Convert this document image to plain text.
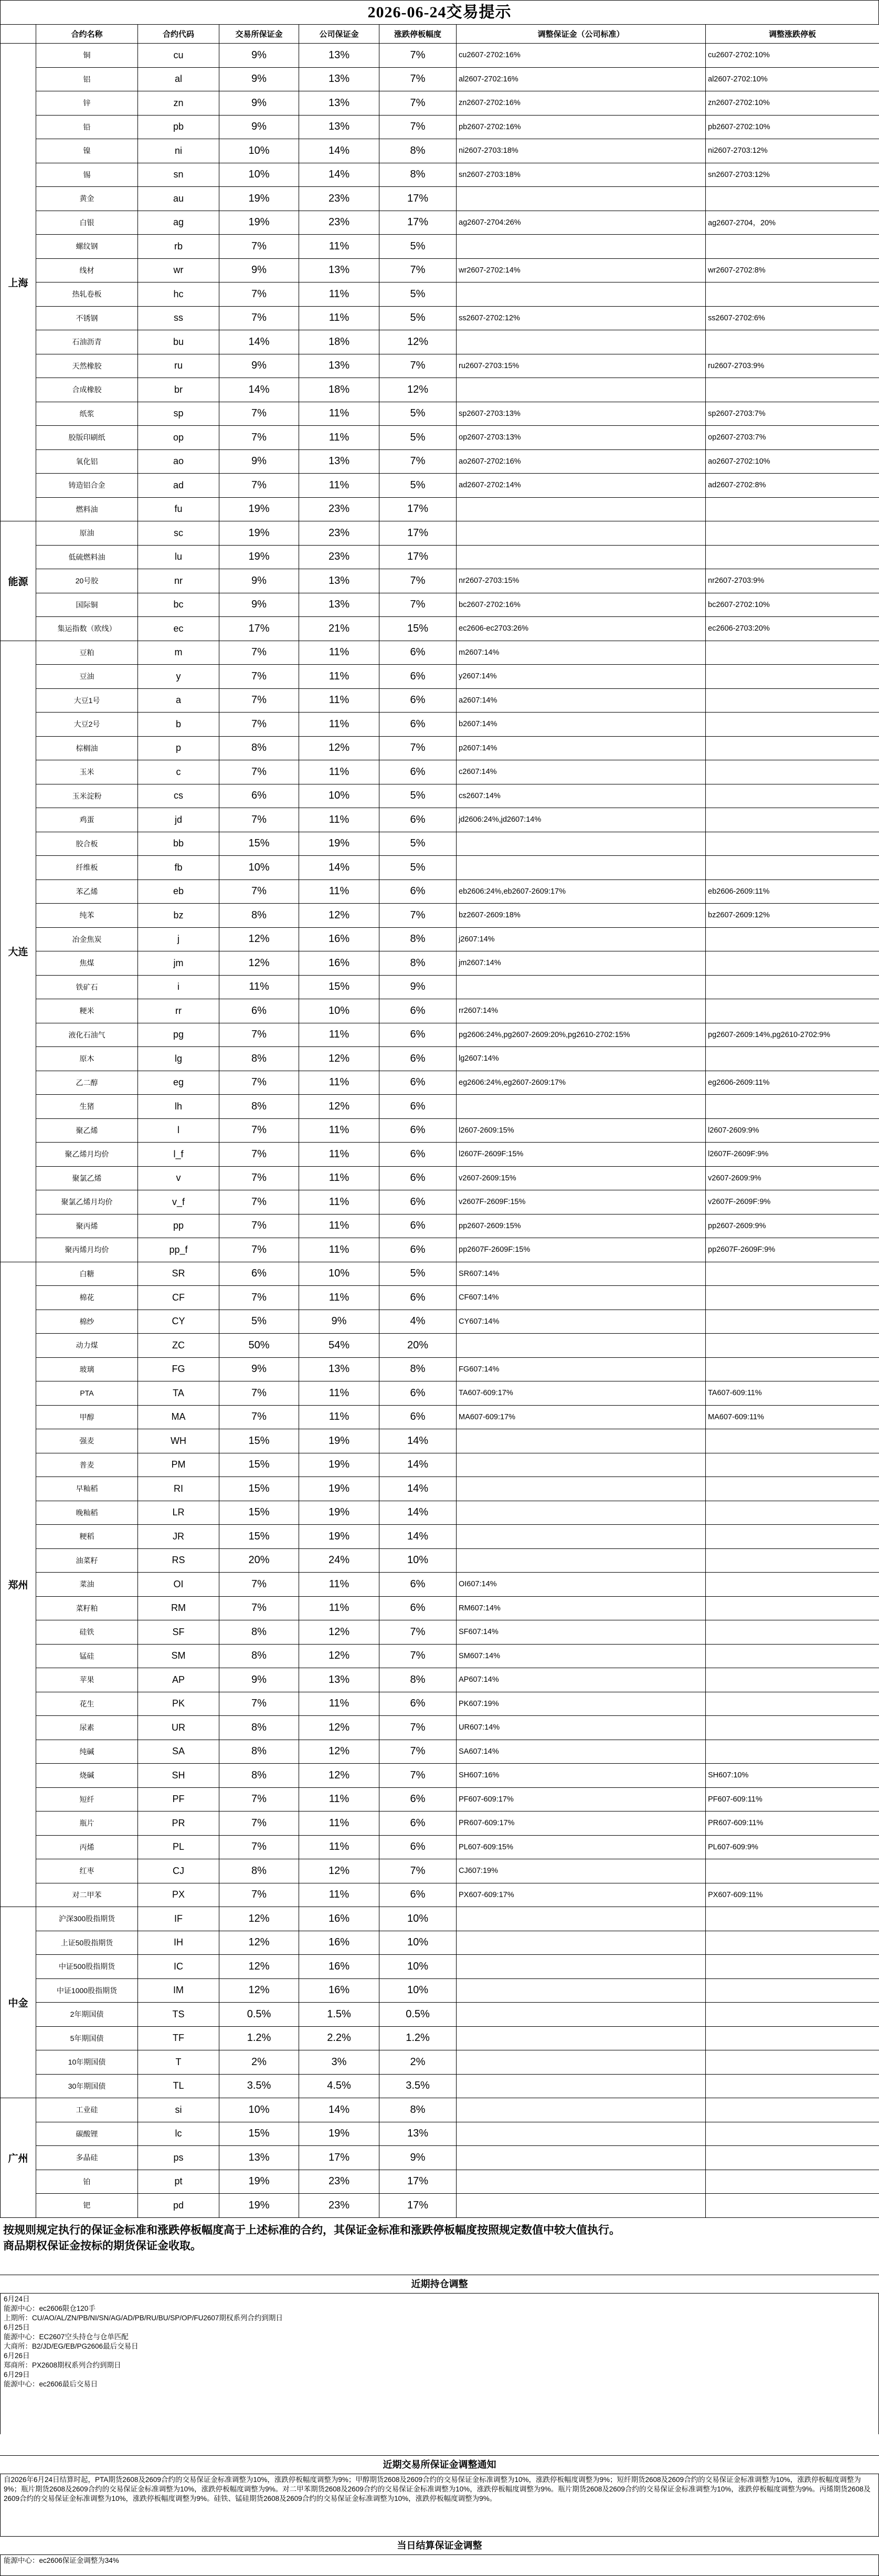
2026-06-24交易提示
	合约名称	合约代码	交易所保证金	公司保证金	涨跌停板幅度	调整保证金（公司标准）	调整涨跌停板
上海	铜	cu	9%	13%	7%	cu2607-2702:16%	cu2607-2702:10%
	铝	al	9%	13%	7%	al2607-2702:16%	al2607-2702:10%
	锌	zn	9%	13%	7%	zn2607-2702:16%	zn2607-2702:10%
	铅	pb	9%	13%	7%	pb2607-2702:16%	pb2607-2702:10%
	镍	ni	10%	14%	8%	ni2607-2703:18%	ni2607-2703:12%
	锡	sn	10%	14%	8%	sn2607-2703:18%	sn2607-2703:12%
	黄金	au	19%	23%	17%		
	白银	ag	19%	23%	17%	ag2607-2704:26%	ag2607-2704，20%
	螺纹钢	rb	7%	11%	5%		
	线材	wr	9%	13%	7%	wr2607-2702:14%	wr2607-2702:8%
	热轧卷板	hc	7%	11%	5%		
	不锈钢	ss	7%	11%	5%	ss2607-2702:12%	ss2607-2702:6%
	石油沥青	bu	14%	18%	12%		
	天然橡胶	ru	9%	13%	7%	ru2607-2703:15%	ru2607-2703:9%
	合成橡胶	br	14%	18%	12%		
	纸浆	sp	7%	11%	5%	sp2607-2703:13%	sp2607-2703:7%
	胶版印刷纸	op	7%	11%	5%	op2607-2703:13%	op2607-2703:7%
	氧化铝	ao	9%	13%	7%	ao2607-2702:16%	ao2607-2702:10%
	铸造铝合金	ad	7%	11%	5%	ad2607-2702:14%	ad2607-2702:8%
	燃料油	fu	19%	23%	17%		
能源	原油	sc	19%	23%	17%		
	低硫燃料油	lu	19%	23%	17%		
	20号胶	nr	9%	13%	7%	nr2607-2703:15%	nr2607-2703:9%
	国际铜	bc	9%	13%	7%	bc2607-2702:16%	bc2607-2702:10%
	集运指数（欧线）	ec	17%	21%	15%	ec2606-ec2703:26%	ec2606-2703:20%
大连	豆粕	m	7%	11%	6%	m2607:14%	
	豆油	y	7%	11%	6%	y2607:14%	
	大豆1号	a	7%	11%	6%	a2607:14%	
	大豆2号	b	7%	11%	6%	b2607:14%	
	棕榈油	p	8%	12%	7%	p2607:14%	
	玉米	c	7%	11%	6%	c2607:14%	
	玉米淀粉	cs	6%	10%	5%	cs2607:14%	
	鸡蛋	jd	7%	11%	6%	jd2606:24%,jd2607:14%	
	胶合板	bb	15%	19%	5%		
	纤维板	fb	10%	14%	5%		
	苯乙烯	eb	7%	11%	6%	eb2606:24%,eb2607-2609:17%	eb2606-2609:11%
	纯苯	bz	8%	12%	7%	bz2607-2609:18%	bz2607-2609:12%
	冶金焦炭	j	12%	16%	8%	j2607:14%	
	焦煤	jm	12%	16%	8%	jm2607:14%	
	铁矿石	i	11%	15%	9%		
	粳米	rr	6%	10%	6%	rr2607:14%	
	液化石油气	pg	7%	11%	6%	pg2606:24%,pg2607-2609:20%,pg2610-2702:15%	pg2607-2609:14%,pg2610-2702:9%
	原木	lg	8%	12%	6%	lg2607:14%	
	乙二醇	eg	7%	11%	6%	eg2606:24%,eg2607-2609:17%	eg2606-2609:11%
	生猪	lh	8%	12%	6%		
	聚乙烯	l	7%	11%	6%	l2607-2609:15%	l2607-2609:9%
	聚乙烯月均价	l_f	7%	11%	6%	l2607F-2609F:15%	l2607F-2609F:9%
	聚氯乙烯	v	7%	11%	6%	v2607-2609:15%	v2607-2609:9%
	聚氯乙烯月均价	v_f	7%	11%	6%	v2607F-2609F:15%	v2607F-2609F:9%
	聚丙烯	pp	7%	11%	6%	pp2607-2609:15%	pp2607-2609:9%
	聚丙烯月均价	pp_f	7%	11%	6%	pp2607F-2609F:15%	pp2607F-2609F:9%
郑州	白糖	SR	6%	10%	5%	SR607:14%	
	棉花	CF	7%	11%	6%	CF607:14%	
	棉纱	CY	5%	9%	4%	CY607:14%	
	动力煤	ZC	50%	54%	20%		
	玻璃	FG	9%	13%	8%	FG607:14%	
	PTA	TA	7%	11%	6%	TA607-609:17%	TA607-609:11%
	甲醇	MA	7%	11%	6%	MA607-609:17%	MA607-609:11%
	强麦	WH	15%	19%	14%		
	普麦	PM	15%	19%	14%		
	早籼稻	RI	15%	19%	14%		
	晚籼稻	LR	15%	19%	14%		
	粳稻	JR	15%	19%	14%		
	油菜籽	RS	20%	24%	10%		
	菜油	OI	7%	11%	6%	OI607:14%	
	菜籽粕	RM	7%	11%	6%	RM607:14%	
	硅铁	SF	8%	12%	7%	SF607:14%	
	锰硅	SM	8%	12%	7%	SM607:14%	
	苹果	AP	9%	13%	8%	AP607:14%	
	花生	PK	7%	11%	6%	PK607:19%	
	尿素	UR	8%	12%	7%	UR607:14%	
	纯碱	SA	8%	12%	7%	SA607:14%	
	烧碱	SH	8%	12%	7%	SH607:16%	SH607:10%
	短纤	PF	7%	11%	6%	PF607-609:17%	PF607-609:11%
	瓶片	PR	7%	11%	6%	PR607-609:17%	PR607-609:11%
	丙烯	PL	7%	11%	6%	PL607-609:15%	PL607-609:9%
	红枣	CJ	8%	12%	7%	CJ607:19%	
	对二甲苯	PX	7%	11%	6%	PX607-609:17%	PX607-609:11%
中金	沪深300股指期货	IF	12%	16%	10%		
	上证50股指期货	IH	12%	16%	10%		
	中证500股指期货	IC	12%	16%	10%		
	中证1000股指期货	IM	12%	16%	10%		
	2年期国债	TS	0.5%	1.5%	0.5%		
	5年期国债	TF	1.2%	2.2%	1.2%		
	10年期国债	T	2%	3%	2%		
	30年期国债	TL	3.5%	4.5%	3.5%		
广州	工业硅	si	10%	14%	8%		
	碳酸锂	lc	15%	19%	13%		
	多晶硅	ps	13%	17%	9%		
	铂	pt	19%	23%	17%		
	钯	pd	19%	23%	17%		
按规则规定执行的保证金标准和涨跌停板幅度高于上述标准的合约，其保证金标准和涨跌停板幅度按照规定数值中较大值执行。
商品期权保证金按标的期货保证金收取。
近期持仓调整
6月24日
能源中心：ec2606限仓120手
上期所：CU/AO/AL/ZN/PB/NI/SN/AG/AD/PB/RU/BU/SP/OP/FU2607期权系列合约到期日
6月25日
能源中心：EC2607空头持仓与仓单匹配
大商所：B2/JD/EG/EB/PG2606最后交易日
6月26日
郑商所：PX2608期权系列合约到期日
6月29日
能源中心：ec2606最后交易日
近期交易所保证金调整通知
自2026年6月24日结算时起，PTA期货2608及2609合约的交易保证金标准调整为10%，涨跌停板幅度调整为9%；甲醇期货2608及2609合约的交易保证金标准调整为10%，涨跌停板幅度调整为9%；短纤期货2608及2609合约的交易保证金标准调整为10%，涨跌停板幅度调整为9%；瓶片期货2608及2609合约的交易保证金标准调整为10%，涨跌停板幅度调整为9%。对二甲苯期货2608及2609合约的交易保证金标准调整为10%，涨跌停板幅度调整为9%。瓶片期货2608及2609合约的交易保证金标准调整为10%，涨跌停板幅度调整为9%。丙烯期货2608及2609合约的交易保证金标准调整为10%，涨跌停板幅度调整为9%。硅铁、锰硅期货2608及2609合约的交易保证金标准调整为10%，涨跌停板幅度调整为9%。
当日结算保证金调整
能源中心：ec2606保证金调整为34%
